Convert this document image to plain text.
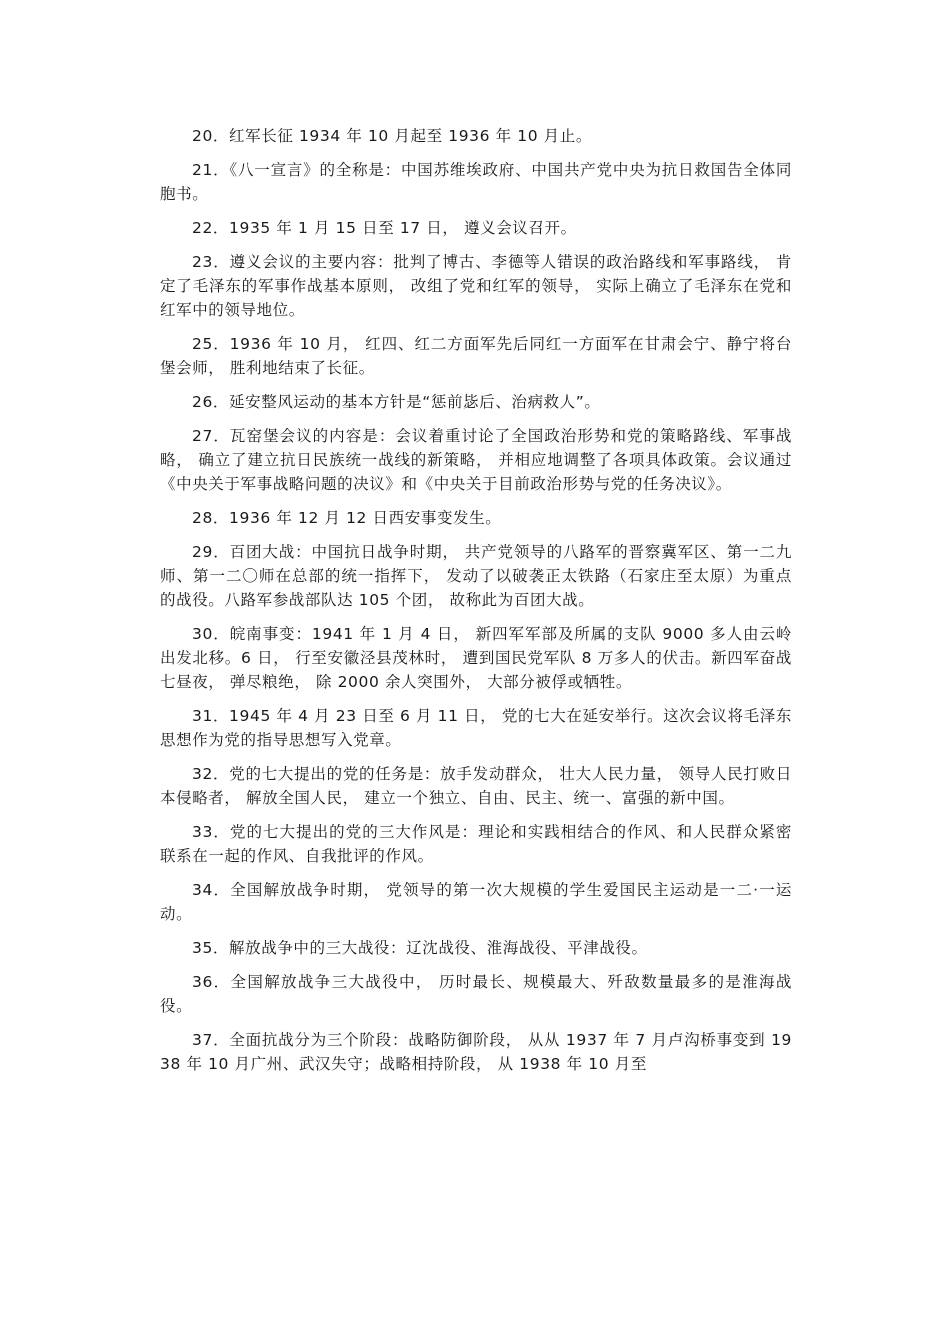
20．红军长征 1934 年 10 月起至 1936 年 10 月止。

21．《八一宣言》的全称是：中国苏维埃政府、中国共产党中央为抗日救国告全体同胞书。

22．1935 年 1 月 15 日至 17 日， 遵义会议召开。

23．遵义会议的主要内容：批判了博古、李德等人错误的政治路线和军事路线， 肯定了毛泽东的军事作战基本原则， 改组了党和红军的领导， 实际上确立了毛泽东在党和红军中的领导地位。

25．1936 年 10 月， 红四、红二方面军先后同红一方面军在甘肃会宁、静宁将台堡会师， 胜利地结束了长征。

26．延安整风运动的基本方针是“惩前毖后、治病救人”。

27．瓦窑堡会议的内容是：会议着重讨论了全国政治形势和党的策略路线、军事战略， 确立了建立抗日民族统一战线的新策略， 并相应地调整了各项具体政策。会议通过《中央关于军事战略问题的决议》和《中央关于目前政治形势与党的任务决议》。

28．1936 年 12 月 12 日西安事变发生。

29．百团大战：中国抗日战争时期， 共产党领导的八路军的晋察冀军区、第一二九师、第一二〇师在总部的统一指挥下， 发动了以破袭正太铁路（石家庄至太原）为重点的战役。八路军参战部队达 105 个团， 故称此为百团大战。

30．皖南事变：1941 年 1 月 4 日， 新四军军部及所属的支队 9000 多人由云岭出发北移。6 日， 行至安徽泾县茂林时， 遭到国民党军队 8 万多人的伏击。新四军奋战七昼夜， 弹尽粮绝， 除 2000 余人突围外， 大部分被俘或牺牲。

31．1945 年 4 月 23 日至 6 月 11 日， 党的七大在延安举行。这次会议将毛泽东思想作为党的指导思想写入党章。

32．党的七大提出的党的任务是：放手发动群众， 壮大人民力量， 领导人民打败日本侵略者， 解放全国人民， 建立一个独立、自由、民主、统一、富强的新中国。

33．党的七大提出的党的三大作风是：理论和实践相结合的作风、和人民群众紧密联系在一起的作风、自我批评的作风。

34．全国解放战争时期， 党领导的第一次大规模的学生爱国民主运动是一二·一运动。

35．解放战争中的三大战役：辽沈战役、淮海战役、平津战役。

36．全国解放战争三大战役中， 历时最长、规模最大、歼敌数量最多的是淮海战役。

37．全面抗战分为三个阶段：战略防御阶段， 从从 1937 年 7 月卢沟桥事变到 1938 年 10 月广州、武汉失守；战略相持阶段， 从 1938 年 10 月至
